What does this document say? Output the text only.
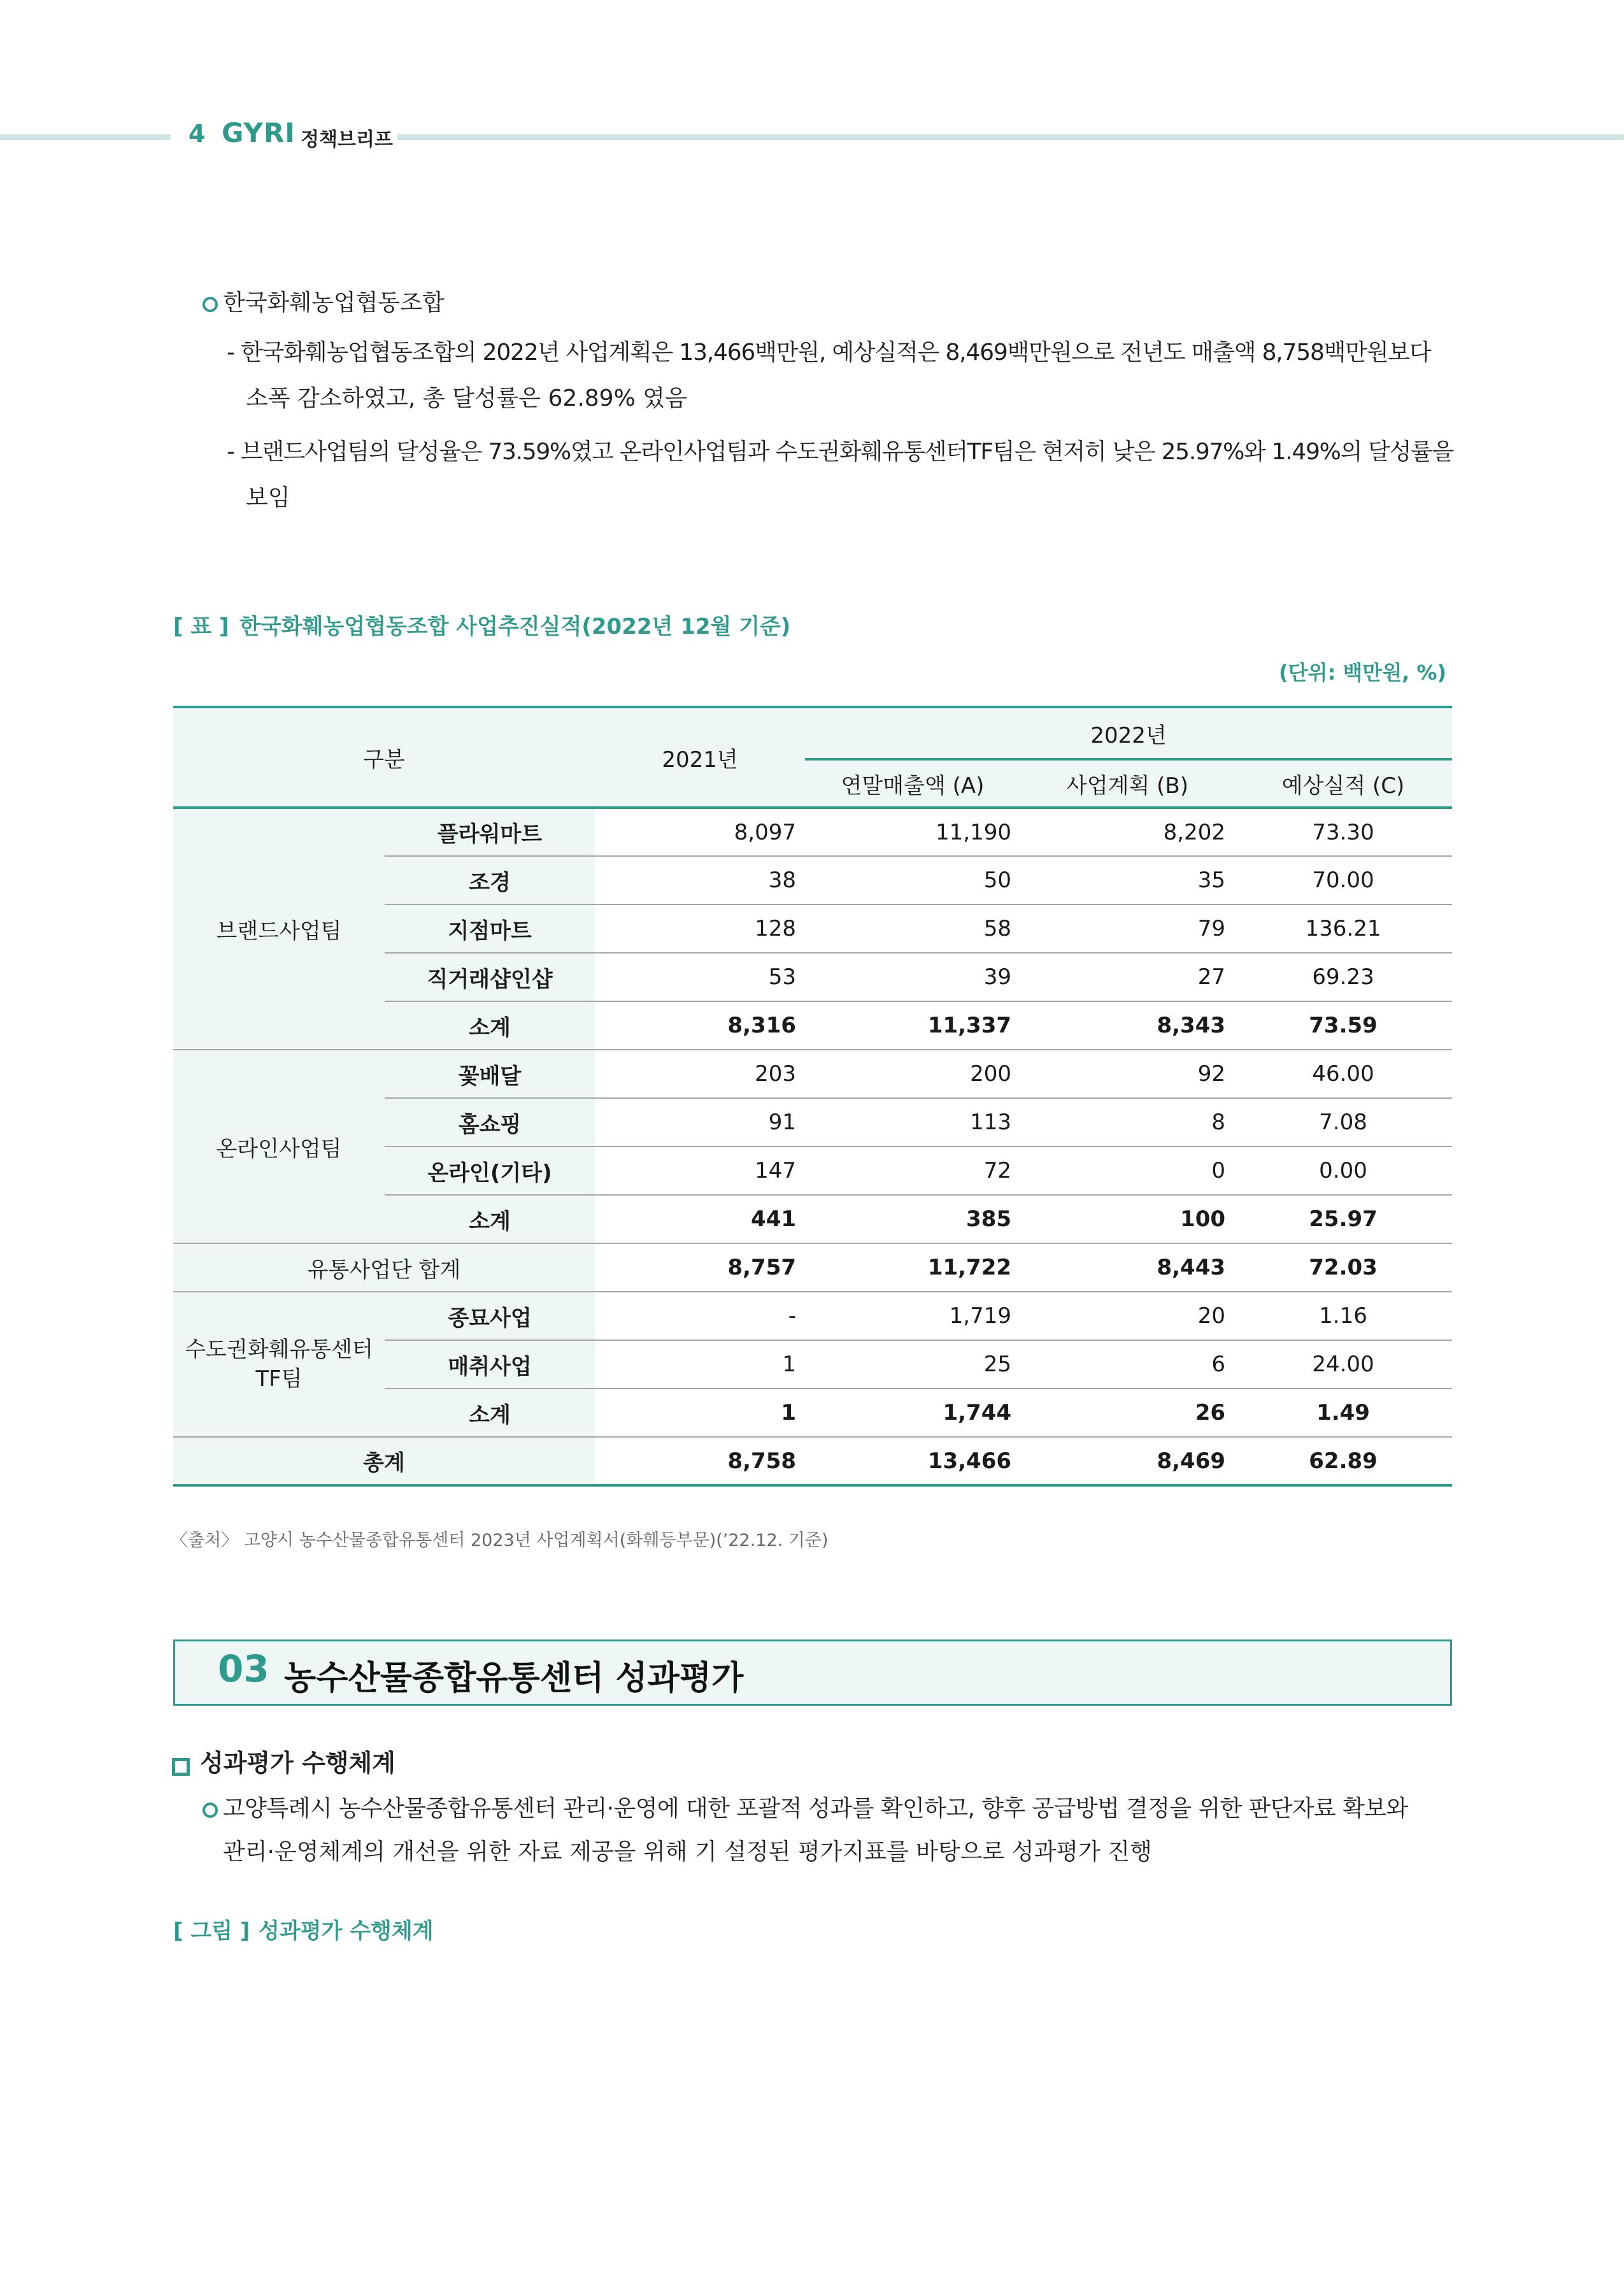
4 GYRI 정책브리프
한국화훼농업협동조합
- 한국화훼농업협동조합의 2022년 사업계획은 13,466백만원, 예상실적은 8,469백만원으로 전년도 매출액 8,758백만원보다
소폭 감소하였고, 총 달성률은 62.89% 였음
- 브랜드사업팀의 달성율은 73.59%였고 온라인사업팀과 수도권화훼유통센터TF팀은 현저히 낮은 25.97%와 1.49%의 달성률을
보임
[ 표 ] 한국화훼농업협동조합 사업추진실적(2022년 12월 기준)
(단위: 백만원, %)
구분		2021년	2022년		
			연말매출액 (A)	사업계획 (B)	예상실적 (C)
브랜드사업팀	플라워마트	8,097	11,190	8,202	73.30
	조경	38	50	35	70.00
	지점마트	128	58	79	136.21
	직거래샵인샵	53	39	27	69.23
	소계	8,316	11,337	8,343	73.59
온라인사업팀	꽃배달	203	200	92	46.00
	홈쇼핑	91	113	8	7.08
	온라인(기타)	147	72	0	0.00
	소계	441	385	100	25.97
유통사업단 합계		8,757	11,722	8,443	72.03
수도권화훼유통센터
TF팀	종묘사업	-	1,719	20	1.16
	매취사업	1	25	6	24.00
	소계	1	1,744	26	1.49
총계		8,758	13,466	8,469	62.89
〈출처〉 고양시 농수산물종합유통센터 2023년 사업계획서(화훼등부문)(’22.12. 기준)
03 농수산물종합유통센터 성과평가
성과평가 수행체계
고양특례시 농수산물종합유통센터 관리·운영에 대한 포괄적 성과를 확인하고, 향후 공급방법 결정을 위한 판단자료 확보와
관리·운영체계의 개선을 위한 자료 제공을 위해 기 설정된 평가지표를 바탕으로 성과평가 진행
[ 그림 ] 성과평가 수행체계
